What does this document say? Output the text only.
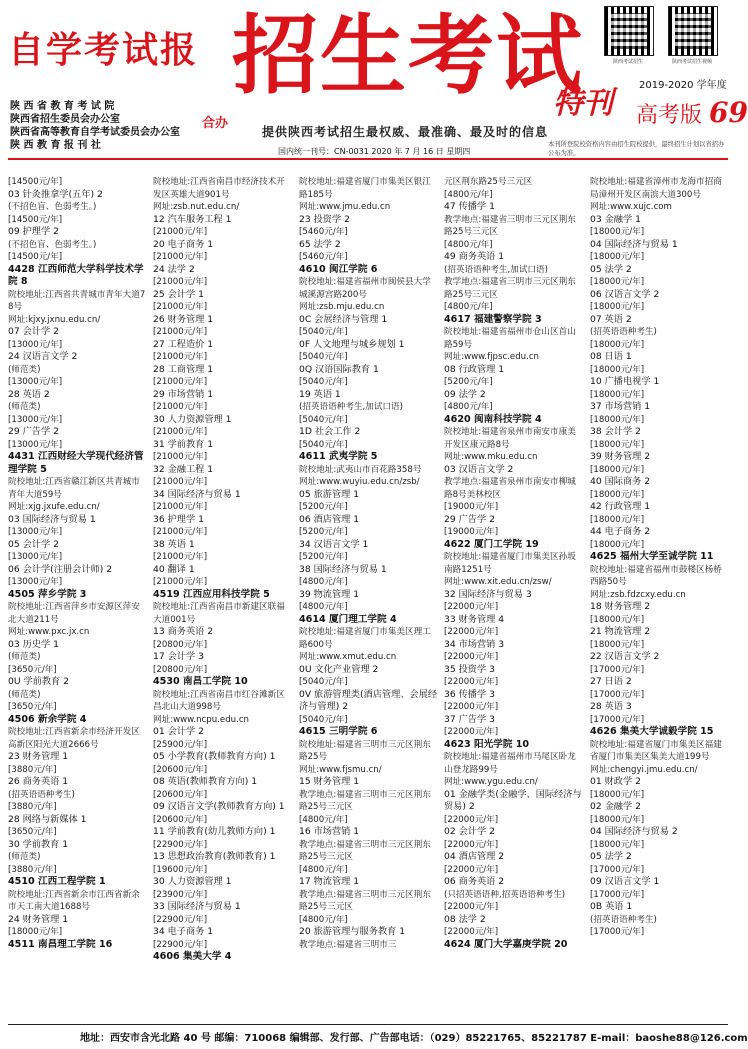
自学考试报 招生考试
特刊
陕西考试招生	陕西考试招生视频
2019-2020 学年度
高考版 69
陕 西 省 教 育 考 试 院
陕西省招生委员会办公室
陕西省高等教育自学考试委员会办公室
陕 西 教 育 报 刊 社
合办
提供陕西考试招生最权威、最准确、最及时的信息
国内统一刊号：CN-0031 2020 年 7 月 16 日 星期四
本刊所登院校资格内容由招生院校提供，最终招生计划以省招办公布为准。
[14500元/年]
03 针灸推拿学(五年) 2
(不招色盲、色弱考生。)
[14500元/年]
09 护理学 2
(不招色盲、色弱考生。)
[14500元/年]
4428 江西师范大学科学技术学院 8
院校地址:江西省共青城市青年大道78号
网址:kjxy.jxnu.edu.cn/
07 会计学 2
[13000元/年]
24 汉语言文学 2
(师范类)
[13000元/年]
28 英语 2
(师范类)
[13000元/年]
29 广告学 2
[13000元/年]
4431 江西财经大学现代经济管理学院 5
院校地址:江西省赣江新区共青城市青年大道59号
网址:xjg.jxufe.edu.cn/
03 国际经济与贸易 1
[13000元/年]
05 会计学 2
[13000元/年]
06 会计学(注册会计师) 2
[13000元/年]
4505 萍乡学院 3
院校地址:江西省萍乡市安源区萍安北大道211号
网址:www.pxc.jx.cn
03 历史学 1
(师范类)
[3650元/年]
0U 学前教育 2
(师范类)
[3650元/年]
4506 新余学院 4
院校地址:江西省新余市经济开发区高新区阳光大道2666号
23 财务管理 1
[3880元/年]
26 商务英语 1
(招英语语种考生)
[3880元/年]
28 网络与新媒体 1
[3650元/年]
30 学前教育 1
(师范类)
[3880元/年]
4510 江西工程学院 1
院校地址:江西省新余市江西省新余市天工南大道1688号
24 财务管理 1
[18000元/年]
4511 南昌理工学院 16
院校地址:江西省南昌市经济技术开发区英雄大道901号
网址:zsb.nut.edu.cn/
12 汽车服务工程 1
[21000元/年]
20 电子商务 1
[21000元/年]
24 法学 2
[21000元/年]
25 会计学 1
[21000元/年]
26 财务管理 1
[21000元/年]
27 工程造价 1
[21000元/年]
28 工商管理 1
[21000元/年]
29 市场营销 1
[21000元/年]
30 人力资源管理 1
[21000元/年]
31 学前教育 1
[21000元/年]
32 金融工程 1
[21000元/年]
34 国际经济与贸易 1
[21000元/年]
36 护理学 1
[21000元/年]
38 英语 1
[21000元/年]
40 翻译 1
[21000元/年]
4519 江西应用科技学院 5
院校地址:江西省南昌市新建区联福大道001号
13 商务英语 2
[20800元/年]
17 会计学 3
[20800元/年]
4530 南昌工学院 10
院校地址:江西省南昌市红谷滩新区昌北山大道998号
网址:www.ncpu.edu.cn
01 会计学 2
[25900元/年]
05 小学教育(教师教育方向) 1
[20600元/年]
08 英语(教师教育方向) 1
[20600元/年]
09 汉语言文学(教师教育方向) 1
[20600元/年]
11 学前教育(幼儿教师方向) 1
[22900元/年]
13 思想政治教育(教师教育) 1
[19600元/年]
30 人力资源管理 1
[23900元/年]
33 国际经济与贸易 1
[22900元/年]
34 电子商务 1
[22900元/年]
4606 集美大学 4
院校地址:福建省厦门市集美区银江路185号
网址:www.jmu.edu.cn
23 投资学 2
[5460元/年]
65 法学 2
[5460元/年]
4610 闽江学院 6
院校地址:福建省福州市闽侯县大学城溪源宫路200号
网址:zsb.mju.edu.cn
0C 会展经济与管理 1
[5040元/年]
0F 人文地理与城乡规划 1
[5040元/年]
0Q 汉语国际教育 1
[5040元/年]
19 英语 1
(招英语语种考生,加试口语)
[5040元/年]
1D 社会工作 2
[5040元/年]
4611 武夷学院 5
院校地址:武夷山市百花路358号
网址:www.wuyiu.edu.cn/zsb/
05 旅游管理 1
[5200元/年]
06 酒店管理 1
[5200元/年]
34 汉语言文学 1
[5200元/年]
38 国际经济与贸易 1
[4800元/年]
39 物流管理 1
[4800元/年]
4614 厦门理工学院 4
院校地址:福建省厦门市集美区理工路600号
网址:www.xmut.edu.cn
0U 文化产业管理 2
[5040元/年]
0V 旅游管理类(酒店管理、会展经济与管理) 2
[5040元/年]
4615 三明学院 6
院校地址:福建省三明市三元区荆东路25号
网址:www.fjsmu.cn/
15 财务管理 1
教学地点:福建省三明市三元区荆东路25号三元区
[4800元/年]
16 市场营销 1
教学地点:福建省三明市三元区荆东路25号三元区
[4800元/年]
17 物流管理 1
教学地点:福建省三明市三元区荆东路25号三元区
[4800元/年]
20 旅游管理与服务教育 1
教学地点:福建省三明市三
元区荆东路25号三元区
[4800元/年]
47 传播学 1
教学地点:福建省三明市三元区荆东路25号三元区
[4800元/年]
49 商务英语 1
(招英语语种考生,加试口语)
教学地点:福建省三明市三元区荆东路25号三元区
[4800元/年]
4617 福建警察学院 3
院校地址:福建省福州市仓山区首山路59号
网址:www.fjpsc.edu.cn
08 行政管理 1
[5200元/年]
09 法学 2
[4800元/年]
4620 闽南科技学院 4
院校地址:福建省泉州市南安市康美开发区康元路8号
网址:www.mku.edu.cn
03 汉语言文学 2
教学地点:福建省泉州市南安市柳城路8号美林校区
[19000元/年]
29 广告学 2
[19000元/年]
4622 厦门工学院 19
院校地址:福建省厦门市集美区孙坂南路1251号
网址:www.xit.edu.cn/zsw/
32 国际经济与贸易 3
[22000元/年]
33 财务管理 4
[22000元/年]
34 市场营销 3
[22000元/年]
35 投资学 3
[22000元/年]
36 传播学 3
[22000元/年]
37 广告学 3
[22000元/年]
4623 阳光学院 10
院校地址:福建省福州市马尾区卧龙山登龙路99号
网址:www.ygu.edu.cn/
01 金融学类(金融学、国际经济与贸易) 2
[22000元/年]
02 会计学 2
[22000元/年]
04 酒店管理 2
[22000元/年]
06 商务英语 2
(只招英语语种,招英语语种考生)
[22000元/年]
08 法学 2
[22000元/年]
4624 厦门大学嘉庚学院 20
院校地址:福建省漳州市龙海市招商局漳州开发区南滨大道300号
网址:www.xujc.com
03 金融学 1
[18000元/年]
04 国际经济与贸易 1
[18000元/年]
05 法学 2
[18000元/年]
06 汉语言文学 2
[18000元/年]
07 英语 2
(招英语语种考生)
[18000元/年]
08 日语 1
[18000元/年]
10 广播电视学 1
[18000元/年]
37 市场营销 1
[18000元/年]
38 会计学 2
[18000元/年]
39 财务管理 2
[18000元/年]
40 国际商务 2
[18000元/年]
42 行政管理 1
[18000元/年]
44 电子商务 2
[18000元/年]
4625 福州大学至诚学院 11
院校地址:福建省福州市鼓楼区杨桥西路50号
网址:zsb.fdzcxy.edu.cn
18 财务管理 2
[18000元/年]
21 物流管理 2
[18000元/年]
22 汉语言文学 2
[17000元/年]
27 日语 2
[17000元/年]
28 英语 3
[17000元/年]
4626 集美大学诚毅学院 15
院校地址:福建省厦门市集美区福建省厦门市集美区集美大道199号
网址:chengyi.jmu.edu.cn/
01 财政学 2
[18000元/年]
02 金融学 2
[18000元/年]
04 国际经济与贸易 2
[18000元/年]
05 法学 2
[17000元/年]
09 汉语言文学 1
[17000元/年]
0B 英语 1
(招英语语种考生)
[17000元/年]
地址：西安市含光北路 40 号 邮编：710068 编辑部、发行部、广告部电话：（029）85221765、85221787 E-mail：baoshe88@126.com
